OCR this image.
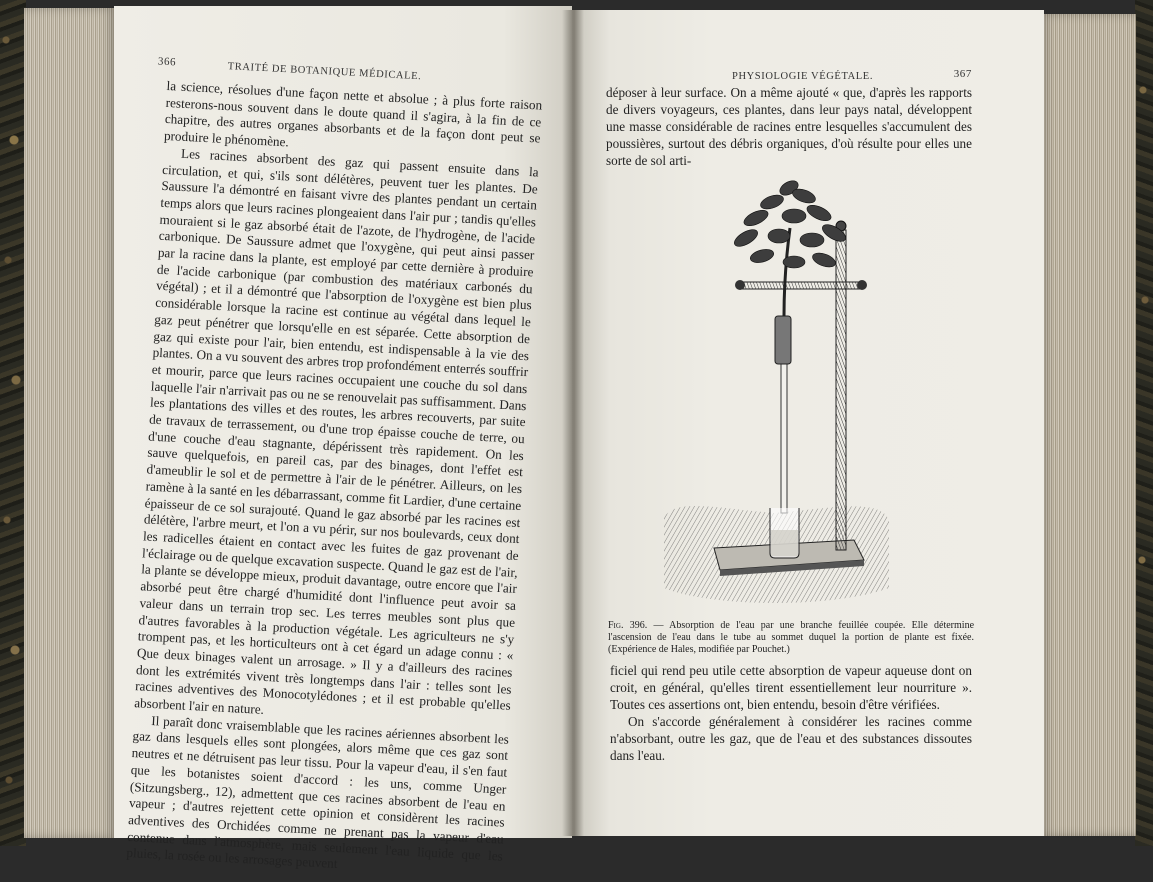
366	TRAITÉ DE BOTANIQUE MÉDICALE.

la science, résolues d'une façon nette et absolue ; à plus forte raison resterons-nous souvent dans le doute quand il s'agira, à la fin de ce chapitre, des autres organes absorbants et de la façon dont peut se produire le phénomène.

Les racines absorbent des gaz qui passent ensuite dans la circulation, et qui, s'ils sont délétères, peuvent tuer les plantes. De Saussure l'a démontré en faisant vivre des plantes pendant un certain temps alors que leurs racines plongeaient dans l'air pur ; tandis qu'elles mouraient si le gaz absorbé était de l'azote, de l'hydrogène, de l'acide carbonique. De Saussure admet que l'oxygène, qui peut ainsi passer par la racine dans la plante, est employé par cette dernière à produire de l'acide carbonique (par combustion des matériaux carbonés du végétal) ; et il a démontré que l'absorption de l'oxygène est bien plus considérable lorsque la racine est continue au végétal dans lequel le gaz peut pénétrer que lorsqu'elle en est séparée. Cette absorption de gaz qui existe pour l'air, bien entendu, est indispensable à la vie des plantes. On a vu souvent des arbres trop profondément enterrés souffrir et mourir, parce que leurs racines occupaient une couche du sol dans laquelle l'air n'arrivait pas ou ne se renouvelait pas suffisamment. Dans les plantations des villes et des routes, les arbres recouverts, par suite de travaux de terrassement, ou d'une trop épaisse couche de terre, ou d'une couche d'eau stagnante, dépérissent très rapidement. On les sauve quelquefois, en pareil cas, par des binages, dont l'effet est d'ameublir le sol et de permettre à l'air de le pénétrer. Ailleurs, on les ramène à la santé en les débarrassant, comme fit Lardier, d'une certaine épaisseur de ce sol surajouté. Quand le gaz absorbé par les racines est délétère, l'arbre meurt, et l'on a vu périr, sur nos boulevards, ceux dont les radicelles étaient en contact avec les fuites de gaz provenant de l'éclairage ou de quelque excavation suspecte. Quand le gaz est de l'air, la plante se développe mieux, produit davantage, outre encore que l'air absorbé peut être chargé d'humidité dont l'influence peut avoir sa valeur dans un terrain trop sec. Les terres meubles sont plus que d'autres favorables à la production végétale. Les agriculteurs ne s'y trompent pas, et les horticulteurs ont à cet égard un adage connu : « Que deux binages valent un arrosage. » Il y a d'ailleurs des racines dont les extrémités vivent très longtemps dans l'air : telles sont les racines adventives des Monocotylédones ; et il est probable qu'elles absorbent l'air en nature.

Il paraît donc vraisemblable que les racines aériennes absorbent les gaz dans lesquels elles sont plongées, alors même que ces gaz sont neutres et ne détruisent pas leur tissu. Pour la vapeur d'eau, il s'en faut que les botanistes soient d'accord : les uns, comme Unger (Sitzungsberg., 12), admettent que ces racines absorbent de l'eau en vapeur ; d'autres rejettent cette opinion et considèrent les racines adventives des Orchidées comme ne prenant pas la vapeur d'eau contenue dans l'atmosphère, mais seulement l'eau liquide que les pluies, la rosée ou les arrosages peuvent

PHYSIOLOGIE VÉGÉTALE.	367

déposer à leur surface. On a même ajouté « que, d'après les rapports de divers voyageurs, ces plantes, dans leur pays natal, développent une masse considérable de racines entre lesquelles s'accumulent des poussières, surtout des débris organiques, d'où résulte pour elles une sorte de sol arti-

Fig. 396. — Absorption de l'eau par une branche feuillée coupée. Elle détermine l'ascension de l'eau dans le tube au sommet duquel la portion de plante est fixée. (Expérience de Hales, modifiée par Pouchet.)

ficiel qui rend peu utile cette absorption de vapeur aqueuse dont on croit, en général, qu'elles tirent essentiellement leur nourriture ». Toutes ces assertions ont, bien entendu, besoin d'être vérifiées.

On s'accorde généralement à considérer les racines comme n'absorbant, outre les gaz, que de l'eau et des substances dissoutes dans l'eau.
